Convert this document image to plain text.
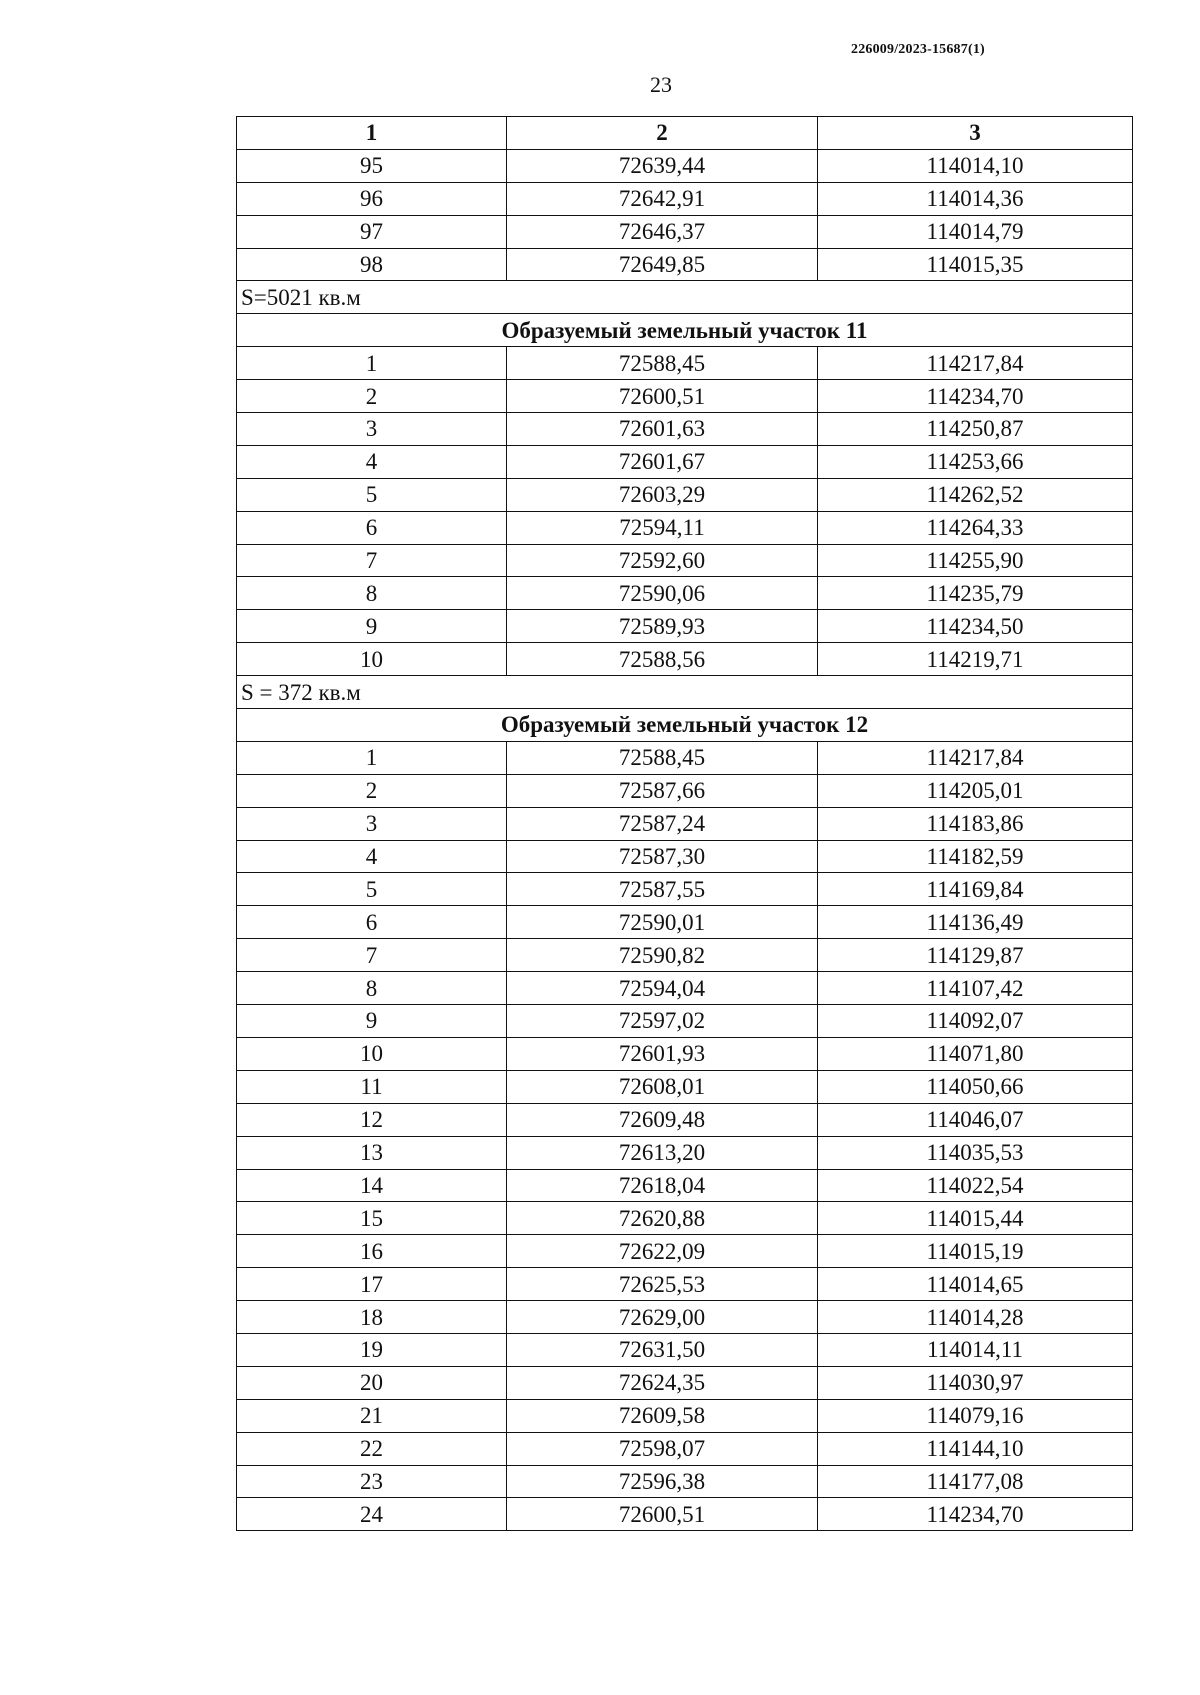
226009/2023-15687(1)
23
1	2	3
95	72639,44	114014,10
96	72642,91	114014,36
97	72646,37	114014,79
98	72649,85	114015,35
S=5021 кв.м		
Образуемый земельный участок 11		
1	72588,45	114217,84
2	72600,51	114234,70
3	72601,63	114250,87
4	72601,67	114253,66
5	72603,29	114262,52
6	72594,11	114264,33
7	72592,60	114255,90
8	72590,06	114235,79
9	72589,93	114234,50
10	72588,56	114219,71
S = 372 кв.м		
Образуемый земельный участок 12		
1	72588,45	114217,84
2	72587,66	114205,01
3	72587,24	114183,86
4	72587,30	114182,59
5	72587,55	114169,84
6	72590,01	114136,49
7	72590,82	114129,87
8	72594,04	114107,42
9	72597,02	114092,07
10	72601,93	114071,80
11	72608,01	114050,66
12	72609,48	114046,07
13	72613,20	114035,53
14	72618,04	114022,54
15	72620,88	114015,44
16	72622,09	114015,19
17	72625,53	114014,65
18	72629,00	114014,28
19	72631,50	114014,11
20	72624,35	114030,97
21	72609,58	114079,16
22	72598,07	114144,10
23	72596,38	114177,08
24	72600,51	114234,70
